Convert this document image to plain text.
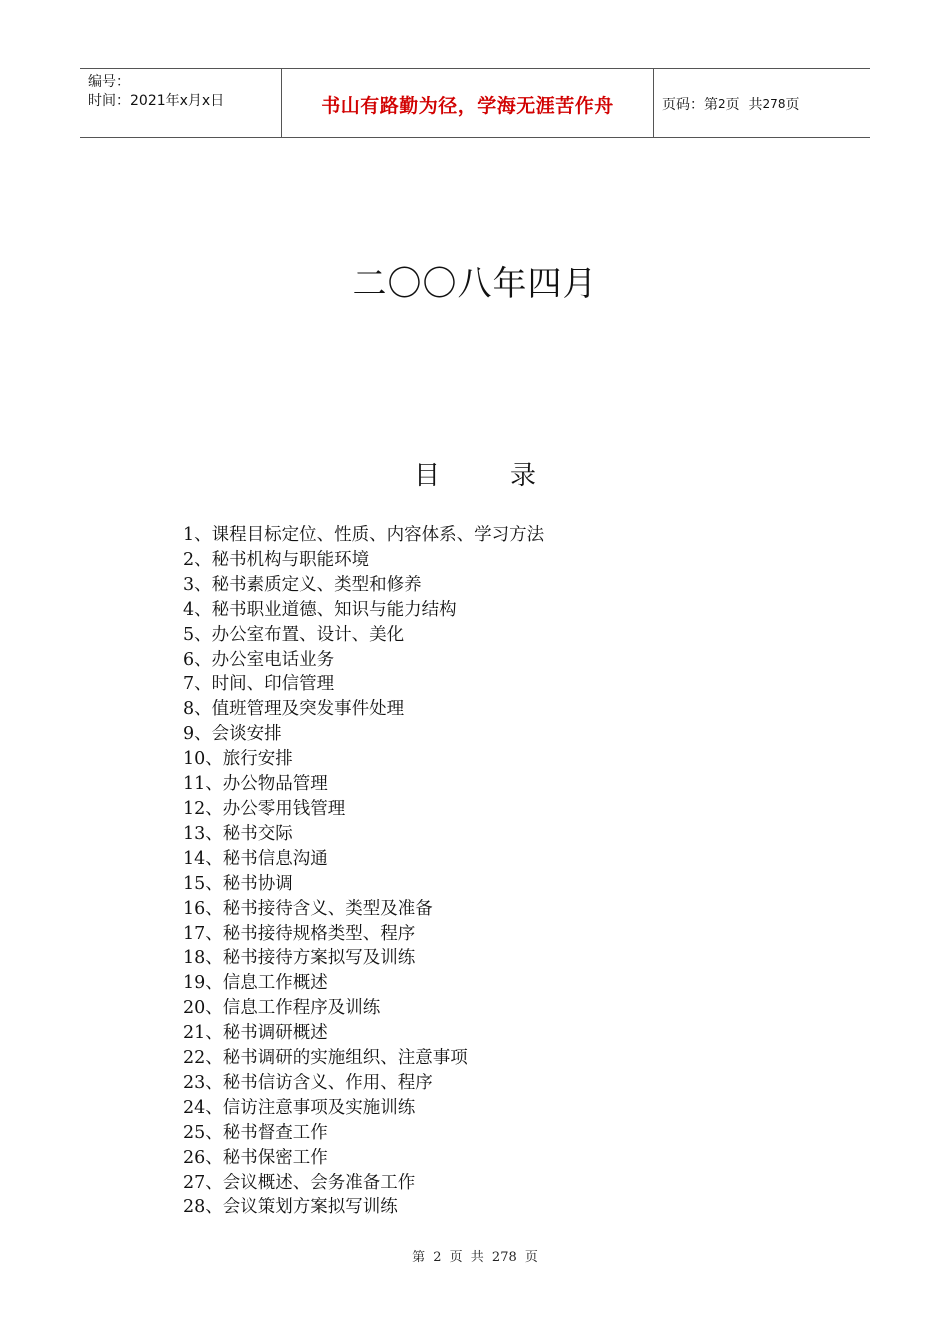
编号：
时间：2021年x月x日	书山有路勤为径，学海无涯苦作舟	页码：第 2 页  共 278 页
二〇〇八年四月
目	录
1、课程目标定位、性质、内容体系、学习方法
2、秘书机构与职能环境
3、秘书素质定义、类型和修养
4、秘书职业道德、知识与能力结构
5、办公室布置、设计、美化
6、办公室电话业务
7、时间、印信管理
8、值班管理及突发事件处理
9、会谈安排
10、旅行安排
11、办公物品管理
12、办公零用钱管理
13、秘书交际
14、秘书信息沟通
15、秘书协调
16、秘书接待含义、类型及准备
17、秘书接待规格类型、程序
18、秘书接待方案拟写及训练
19、信息工作概述
20、信息工作程序及训练
21、秘书调研概述
22、秘书调研的实施组织、注意事项
23、秘书信访含义、作用、程序
24、信访注意事项及实施训练
25、秘书督查工作
26、秘书保密工作
27、会议概述、会务准备工作
28、会议策划方案拟写训练
第 2 页 共 278 页
